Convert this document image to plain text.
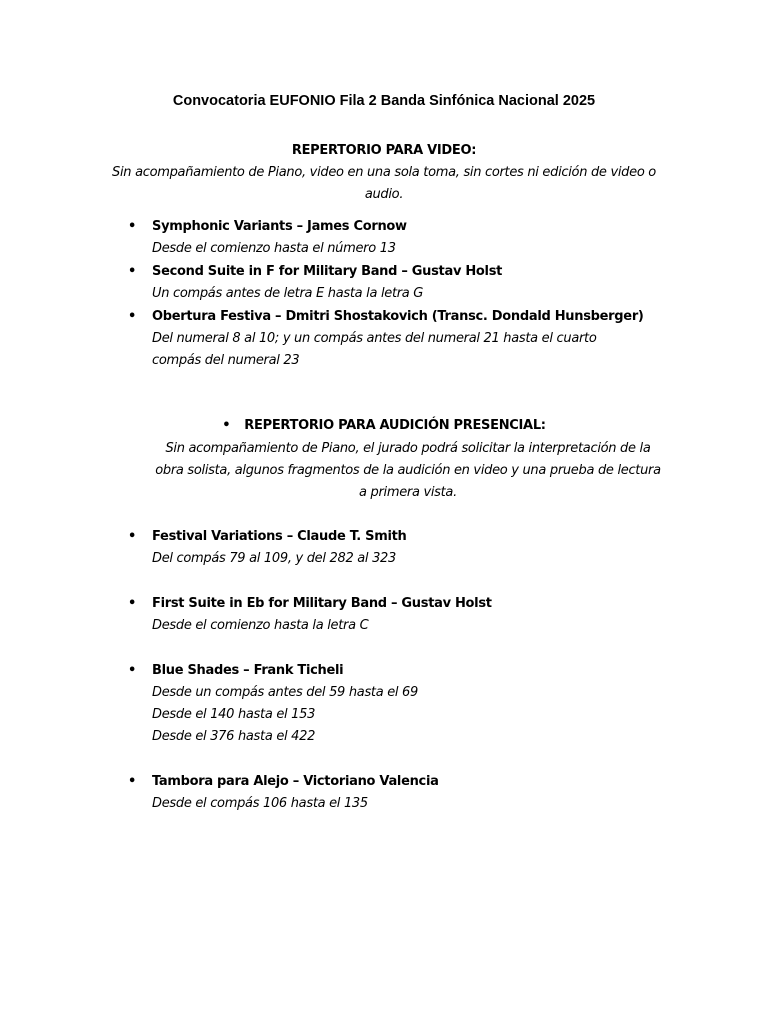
Convocatoria EUFONIO Fila 2 Banda Sinfónica Nacional 2025
REPERTORIO PARA VIDEO:
Sin acompañamiento de Piano, video en una sola toma, sin cortes ni edición de video o audio.
• Symphonic Variants – James Cornow
Desde el comienzo hasta el número 13
• Second Suite in F for Military Band – Gustav Holst
Un compás antes de letra E hasta la letra G
• Obertura Festiva – Dmitri Shostakovich (Transc. Dondald Hunsberger)
Del numeral 8 al 10; y un compás antes del numeral 21 hasta el cuarto compás del numeral 23
• REPERTORIO PARA AUDICIÓN PRESENCIAL:
Sin acompañamiento de Piano, el jurado podrá solicitar la interpretación de la obra solista, algunos fragmentos de la audición en video y una prueba de lectura a primera vista.
• Festival Variations – Claude T. Smith
Del compás 79 al 109, y del 282 al 323
• First Suite in Eb for Military Band – Gustav Holst
Desde el comienzo hasta la letra C
• Blue Shades – Frank Ticheli
Desde un compás antes del 59 hasta el 69
Desde el 140 hasta el 153
Desde el 376 hasta el 422
• Tambora para Alejo – Victoriano Valencia
Desde el compás 106 hasta el 135
